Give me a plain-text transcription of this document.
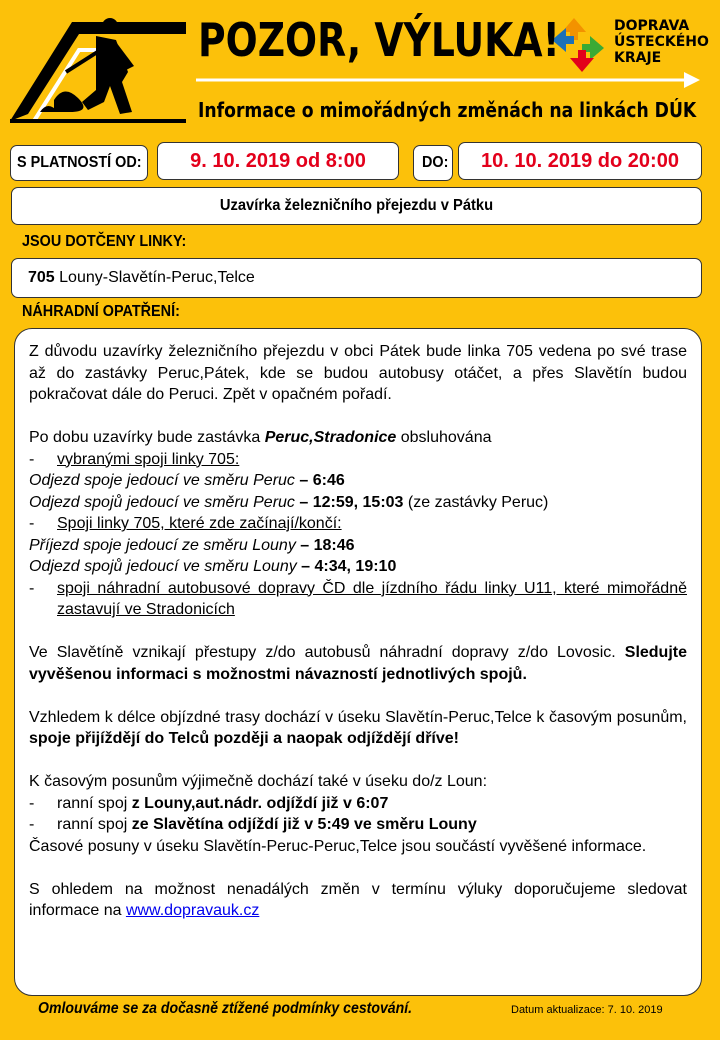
POZOR, VÝLUKA!
Informace o mimořádných změnách na linkách DÚK
DOPRAVA
ÚSTECKÉHO
KRAJE
S PLATNOSTÍ OD: 9. 10. 2019 od 8:00	DO: 10. 10. 2019 do 20:00
Uzavírka železničního přejezdu v Pátku
JSOU DOTČENY LINKY:
705 Louny-Slavětín-Peruc,Telce
NÁHRADNÍ OPATŘENÍ:

Z důvodu uzavírky železničního přejezdu v obci Pátek bude linka 705 vedena po své trase až do zastávky Peruc,Pátek, kde se budou autobusy otáčet, a přes Slavětín budou pokračovat dále do Peruci. Zpět v opačném pořadí.

Po dobu uzavírky bude zastávka Peruc,Stradonice obsluhována

-	vybranými spoji linky 705:

Odjezd spoje jedoucí ve směru Peruc – 6:46

Odjezd spojů jedoucí ve směru Peruc – 12:59, 15:03 (ze zastávky Peruc)

-	Spoji linky 705, které zde začínají/končí:

Příjezd spoje jedoucí ze směru Louny – 18:46

Odjezd spojů jedoucí ve směru Louny – 4:34, 19:10

-	spoji náhradní autobusové dopravy ČD dle jízdního řádu linky U11, které mimořádně zastavují ve Stradonicích

Ve Slavětíně vznikají přestupy z/do autobusů náhradní dopravy z/do Lovosic. Sledujte vyvěšenou informaci s možnostmi návazností jednotlivých spojů.

Vzhledem k délce objízdné trasy dochází v úseku Slavětín-Peruc,Telce k časovým posunům, spoje přijíždějí do Telců později a naopak odjíždějí dříve!

K časovým posunům výjimečně dochází také v úseku do/z Loun:

-	ranní spoj z Louny,aut.nádr. odjíždí již v 6:07

-	ranní spoj ze Slavětína odjíždí již v 5:49 ve směru Louny

Časové posuny v úseku Slavětín-Peruc-Peruc,Telce jsou součástí vyvěšené informace.

S ohledem na možnost nenadálých změn v termínu výluky doporučujeme sledovat informace na www.dopravauk.cz

Omlouváme se za dočasně ztížené podmínky cestování.	Datum aktualizace: 7. 10. 2019
